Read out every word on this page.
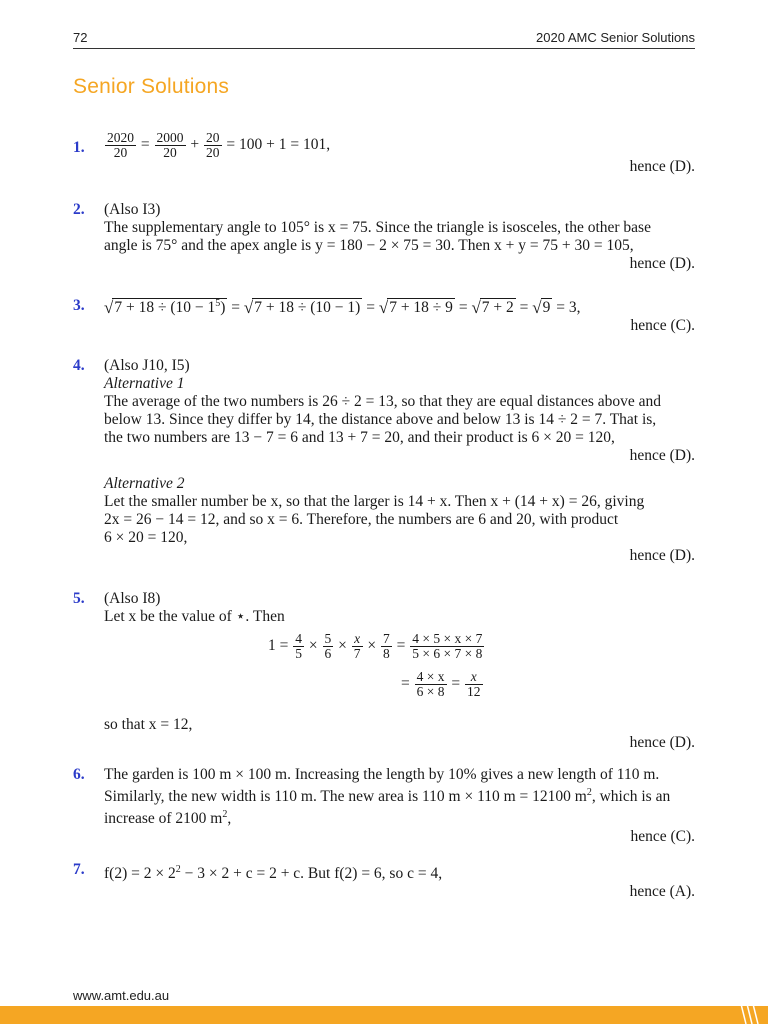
72	2020 AMC Senior Solutions
Senior Solutions
1. $\frac{2020}{20} = \frac{2000}{20} + \frac{20}{20} = 100 + 1 = 101$,
hence (D).
2. (Also I3)
The supplementary angle to 105° is x = 75. Since the triangle is isosceles, the other base
angle is 75° and the apex angle is y = 180 − 2 × 75 = 30. Then x + y = 75 + 30 = 105,
hence (D).
3. $√7 + 18 \div (10 - 1^5) = √7 + 18 \div (10 - 1) = √7 + 18 \div 9 = √7 + 2 = √9 = 3$,
hence (C).
4. (Also J10, I5)
Alternative 1
The average of the two numbers is 26 ÷ 2 = 13, so that they are equal distances above and
below 13. Since they differ by 14, the distance above and below 13 is 14 ÷ 2 = 7. That is,
the two numbers are 13 − 7 = 6 and 13 + 7 = 20, and their product is 6 × 20 = 120,
hence (D).
Alternative 2
Let the smaller number be x, so that the larger is 14 + x. Then x + (14 + x) = 26, giving
2x = 26 − 14 = 12, and so x = 6. Therefore, the numbers are 6 and 20, with product
6 × 20 = 120,
hence (D).
5. (Also I8)
Let x be the value of ⋆. Then
$1 = \frac{4}{5} \times \frac{5}{6} \times \frac{x}{7} \times \frac{7}{8} = \frac{4 \times 5 \times x \times 7}{5 \times 6 \times 7 \times 8}$
= $\frac{4 \times x}{6 \times 8} = \frac{x}{12}$
so that x = 12,
hence (D).
6. The garden is 100 m × 100 m. Increasing the length by 10% gives a new length of 110 m.
Similarly, the new width is 110 m. The new area is 110 m × 110 m = 12100 $m^2$, which is an
increase of 2100 $m^2$,
hence (C).
7. $f(2) = 2 \times 2^2 - 3 \times 2 + c = 2 + c$. But f(2) = 6, so c = 4,
hence (A).
www.amt.edu.au
